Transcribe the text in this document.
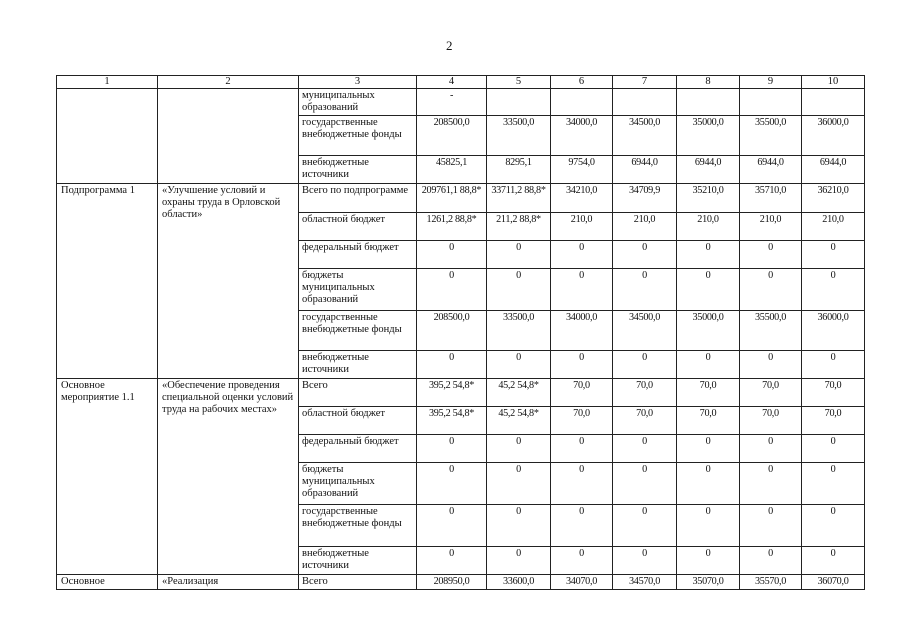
2
1	2	3	4	5	6	7	8	9	10
		муниципальных образований	-						
		государственные внебюджетные фонды	208500,0	33500,0	34000,0	34500,0	35000,0	35500,0	36000,0
		внебюджетные источники	45825,1	8295,1	9754,0	6944,0	6944,0	6944,0	6944,0
Подпрограмма 1	«Улучшение условий и охраны труда в Орловской области»	Всего по подпрограмме	209761,1 88,8*	33711,2 88,8*	34210,0	34709,9	35210,0	35710,0	36210,0
		областной бюджет	1261,2 88,8*	211,2 88,8*	210,0	210,0	210,0	210,0	210,0
		федеральный бюджет	0	0	0	0	0	0	0
		бюджеты муниципальных образований	0	0	0	0	0	0	0
		государственные внебюджетные фонды	208500,0	33500,0	34000,0	34500,0	35000,0	35500,0	36000,0
		внебюджетные источники	0	0	0	0	0	0	0
Основное мероприятие 1.1	«Обеспечение проведения специальной оценки условий труда на рабочих местах»	Всего	395,2 54,8*	45,2 54,8*	70,0	70,0	70,0	70,0	70,0
		областной бюджет	395,2 54,8*	45,2 54,8*	70,0	70,0	70,0	70,0	70,0
		федеральный бюджет	0	0	0	0	0	0	0
		бюджеты муниципальных образований	0	0	0	0	0	0	0
		государственные внебюджетные фонды	0	0	0	0	0	0	0
		внебюджетные источники	0	0	0	0	0	0	0
Основное	«Реализация	Всего	208950,0	33600,0	34070,0	34570,0	35070,0	35570,0	36070,0
